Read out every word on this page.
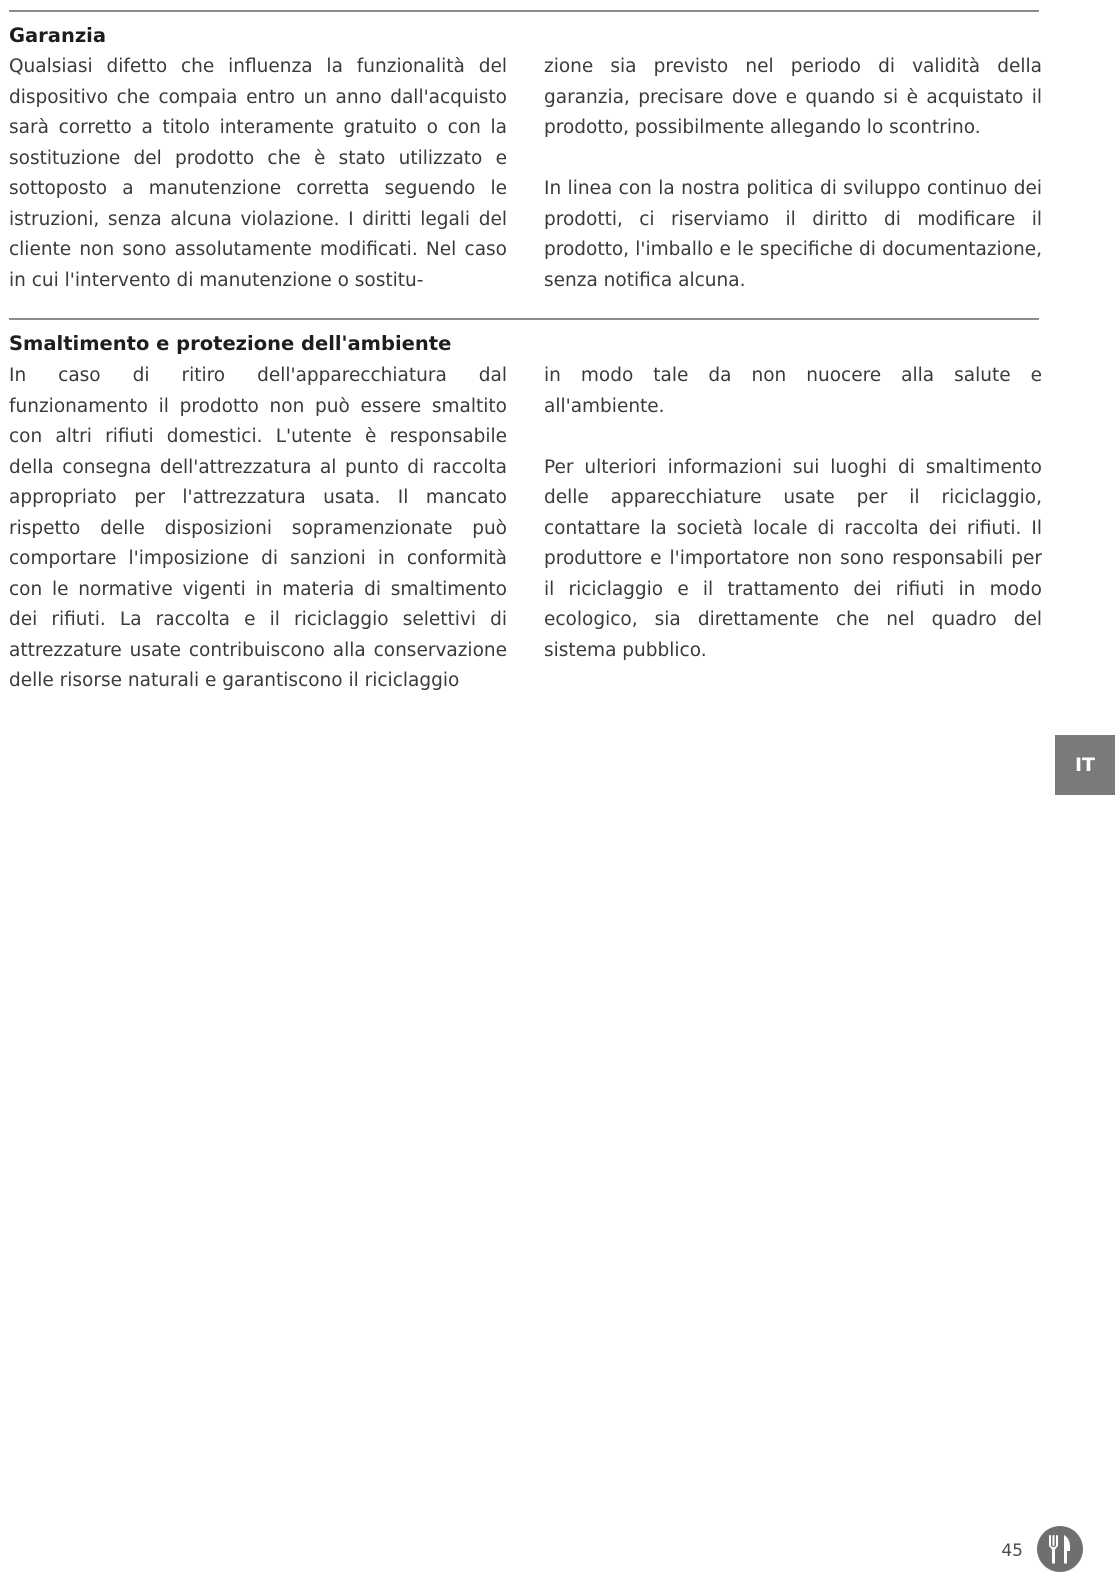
Garanzia

Qualsiasi difetto che influenza la funzionalità del dispositivo che compaia entro un anno dall'acquisto sarà corretto a titolo interamente gratuito o con la sostituzione del prodotto che è stato utilizzato e sottoposto a manutenzione corretta seguendo le istruzioni, senza alcuna violazione. I diritti legali del cliente non sono assolutamente modificati. Nel caso in cui l'intervento di manutenzione o sostitu-

zione sia previsto nel periodo di validità della garanzia, precisare dove e quando si è acquistato il prodotto, possibilmente allegando lo scontrino.

In linea con la nostra politica di sviluppo continuo dei prodotti, ci riserviamo il diritto di modificare il prodotto, l'imballo e le specifiche di documentazione, senza notifica alcuna.

Smaltimento e protezione dell'ambiente

In caso di ritiro dell'apparecchiatura dal funzionamento il prodotto non può essere smaltito con altri rifiuti domestici. L'utente è responsabile della consegna dell'attrezzatura al punto di raccolta appropriato per l'attrezzatura usata. Il mancato rispetto delle disposizioni sopramenzionate può comportare l'imposizione di sanzioni in conformità con le normative vigenti in materia di smaltimento dei rifiuti. La raccolta e il riciclaggio selettivi di attrezzature usate contribuiscono alla conservazione delle risorse naturali e garantiscono il riciclaggio

in modo tale da non nuocere alla salute e all'ambiente.

Per ulteriori informazioni sui luoghi di smaltimento delle apparecchiature usate per il riciclaggio, contattare la società locale di raccolta dei rifiuti. Il produttore e l'importatore non sono responsabili per il riciclaggio e il trattamento dei rifiuti in modo ecologico, sia direttamente che nel quadro del sistema pubblico.

IT
45
